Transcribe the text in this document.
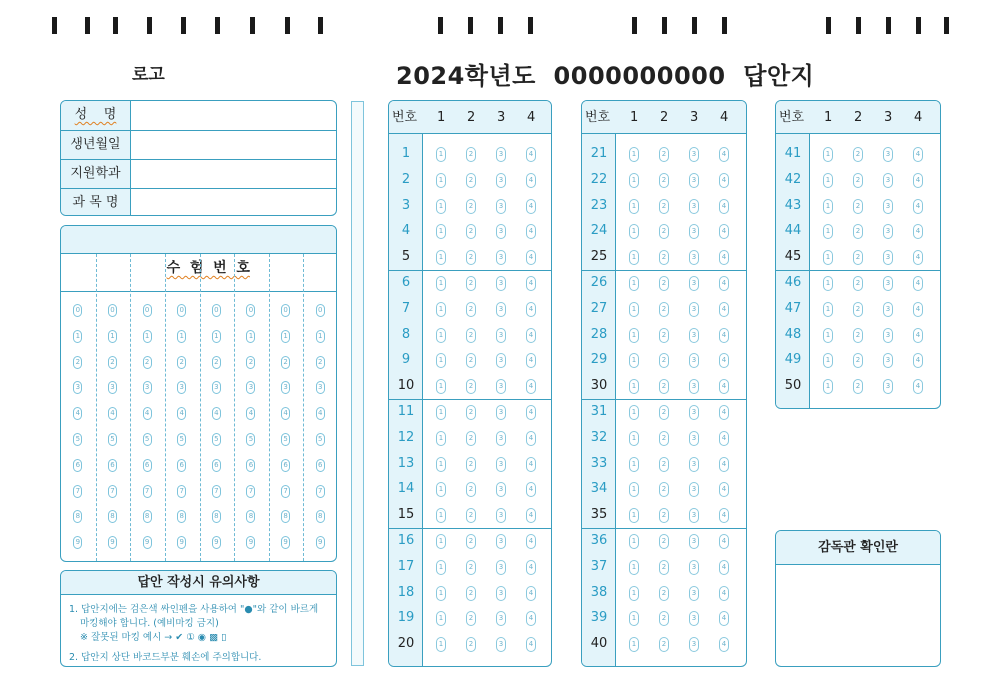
로고	2024학년도  0000000000  답안지
성    명
생년월일
지원학과
과 목 명

수  험  번  호

0	0	0	0	0	0	0	0
1	1	1	1	1	1	1	1
2	2	2	2	2	2	2	2
3	3	3	3	3	3	3	3
4	4	4	4	4	4	4	4
5	5	5	5	5	5	5	5
6	6	6	6	6	6	6	6
7	7	7	7	7	7	7	7
8	8	8	8	8	8	8	8
9	9	9	9	9	9	9	9
답안 작성시 유의사항
1. 답안지에는 검은색 싸인펜을 사용하여 "●"와 같이 바르게
마킹해야 합니다. (예비마킹 금지)
※ 잘못된 마킹 예시 → ✔ ① ◉ ▩ ▯
2. 답안지 상단 바코드부분 훼손에 주의합니다.
번호 1 2 3 4
1	1	2	3	4
2	1	2	3	4
3	1	2	3	4
4	1	2	3	4
5	1	2	3	4
6	1	2	3	4
7	1	2	3	4
8	1	2	3	4
9	1	2	3	4
10	1	2	3	4
11	1	2	3	4
12	1	2	3	4
13	1	2	3	4
14	1	2	3	4
15	1	2	3	4
16	1	2	3	4
17	1	2	3	4
18	1	2	3	4
19	1	2	3	4
20	1	2	3	4
번호 1 2 3 4
21	1	2	3	4
22	1	2	3	4
23	1	2	3	4
24	1	2	3	4
25	1	2	3	4
26	1	2	3	4
27	1	2	3	4
28	1	2	3	4
29	1	2	3	4
30	1	2	3	4
31	1	2	3	4
32	1	2	3	4
33	1	2	3	4
34	1	2	3	4
35	1	2	3	4
36	1	2	3	4
37	1	2	3	4
38	1	2	3	4
39	1	2	3	4
40	1	2	3	4
번호 1 2 3 4
41	1	2	3	4
42	1	2	3	4
43	1	2	3	4
44	1	2	3	4
45	1	2	3	4
46	1	2	3	4
47	1	2	3	4
48	1	2	3	4
49	1	2	3	4
50	1	2	3	4
감독관 확인란
